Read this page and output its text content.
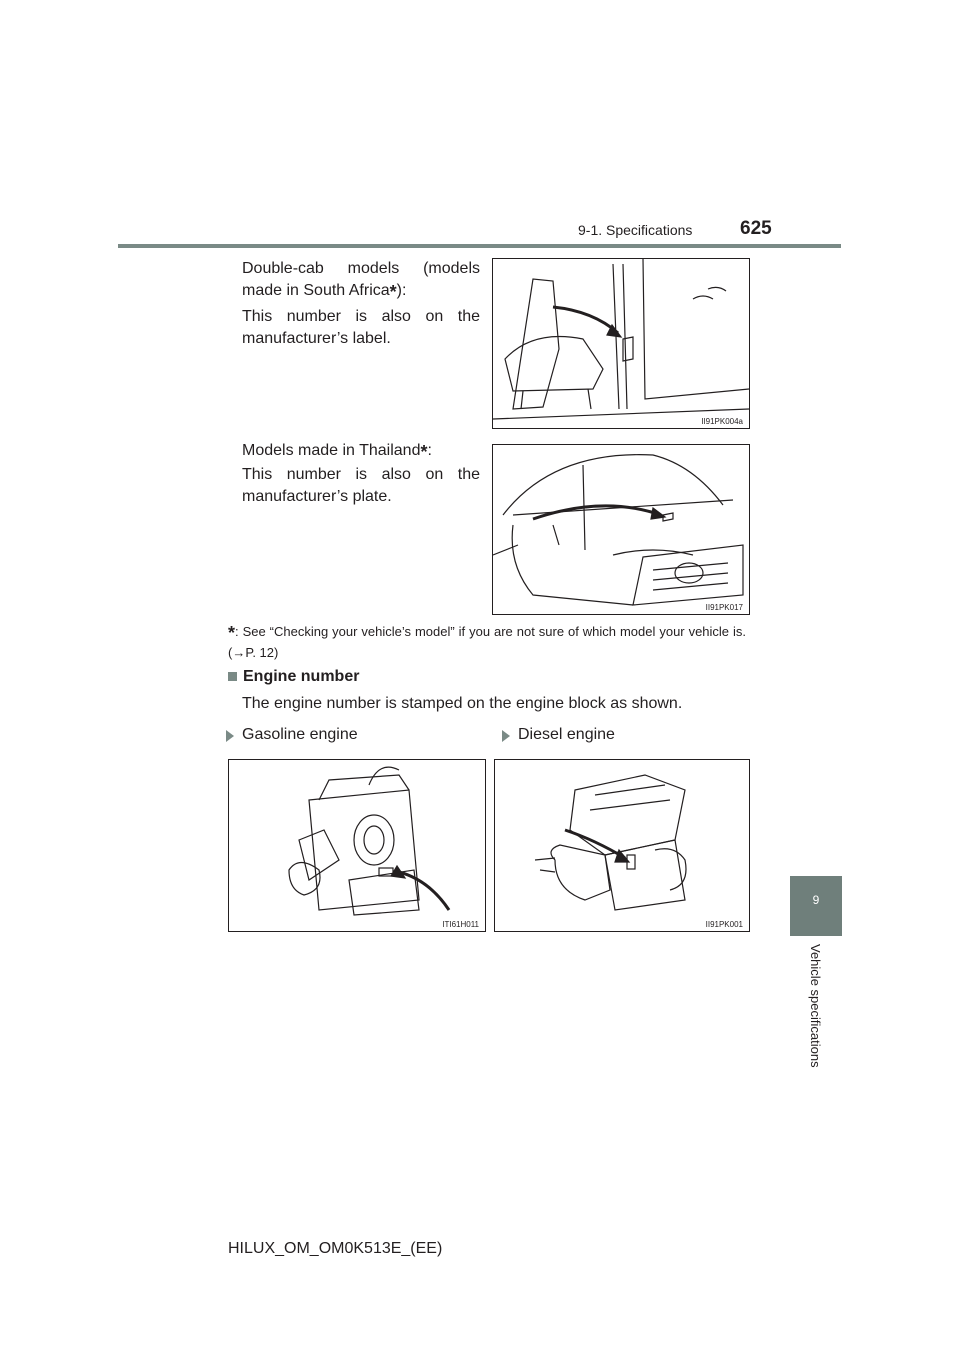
9-1. Specifications	625
9
Vehicle specifications
Double-cab models (models made in South Africa*):
This number is also on the manufacturer’s label.
II91PK004a
Models made in Thailand*:
This number is also on the manufacturer’s plate.
II91PK017
*: See “Checking your vehicle’s model” if you are not sure of which model your vehicle is. (→P. 12)
Engine number
The engine number is stamped on the engine block as shown.
Gasoline engine	Diesel engine
ITI61H011	II91PK001
HILUX_OM_OM0K513E_(EE)
